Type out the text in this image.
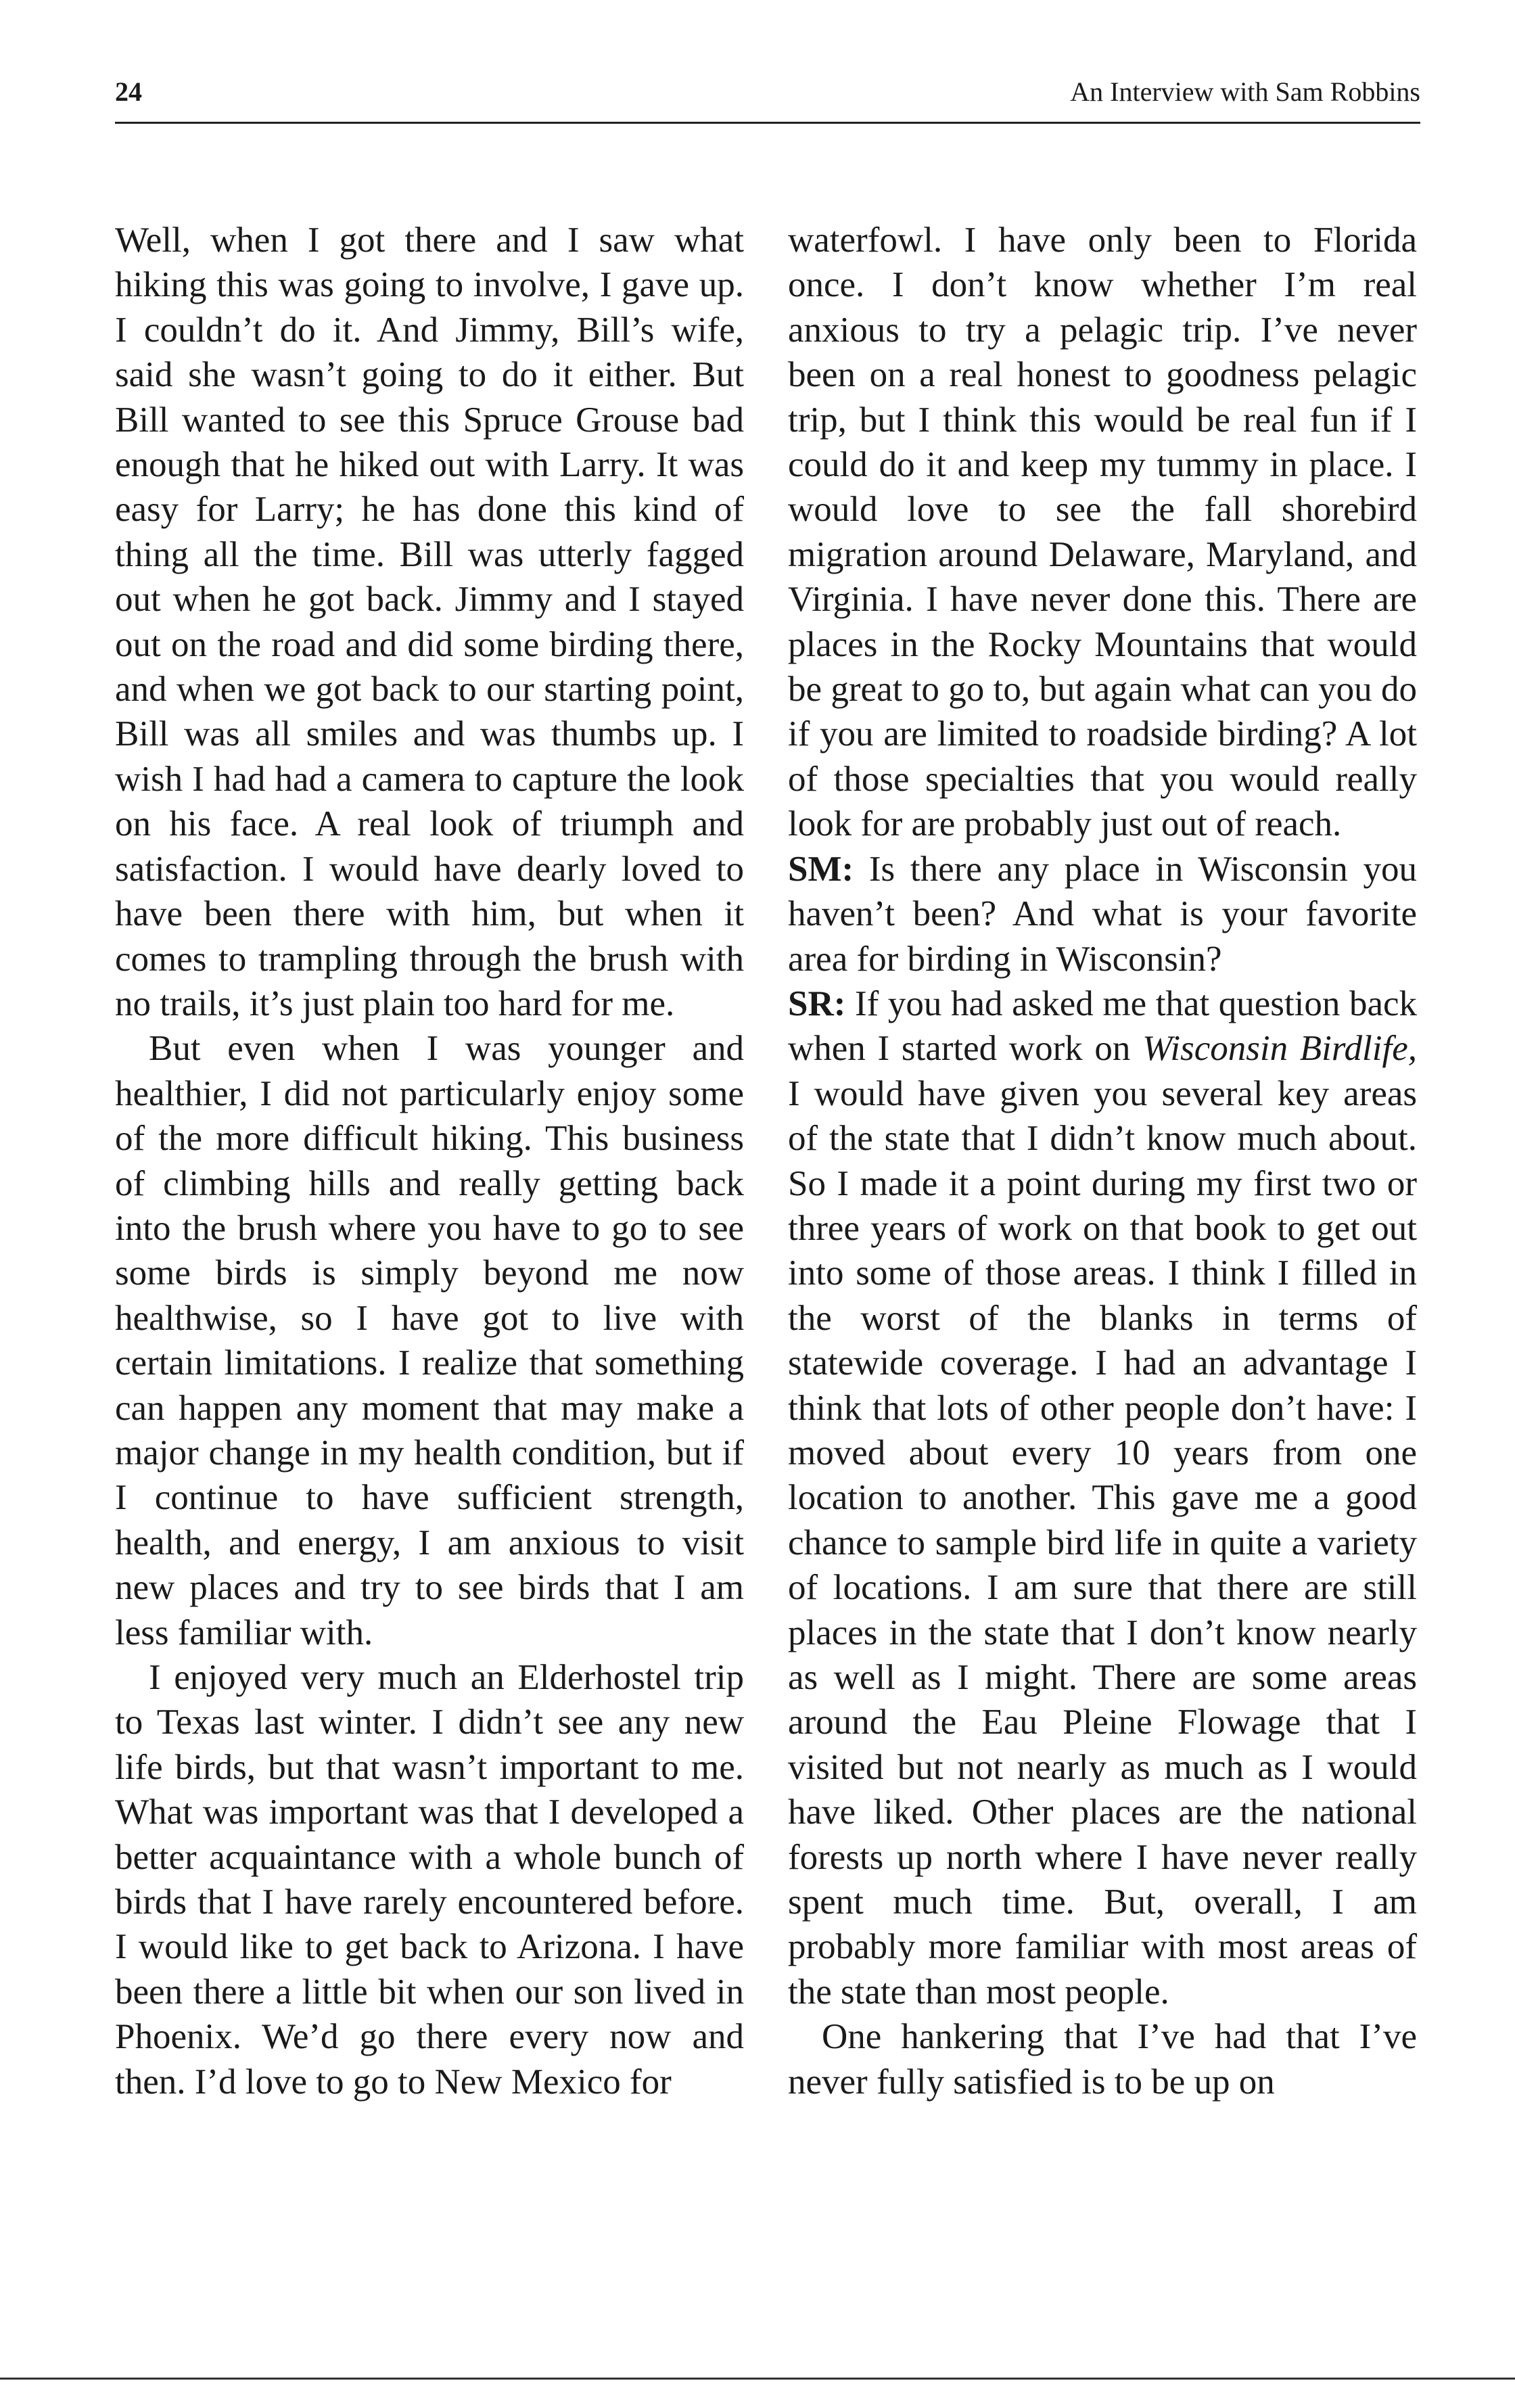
24	An Interview with Sam Robbins

Well, when I got there and I saw what hiking this was going to involve, I gave up. I couldn’t do it. And Jimmy, Bill’s wife, said she wasn’t going to do it either. But Bill wanted to see this Spruce Grouse bad enough that he hiked out with Larry. It was easy for Larry; he has done this kind of thing all the time. Bill was utterly fagged out when he got back. Jimmy and I stayed out on the road and did some birding there, and when we got back to our starting point, Bill was all smiles and was thumbs up. I wish I had had a camera to capture the look on his face. A real look of triumph and satisfaction. I would have dearly loved to have been there with him, but when it comes to trampling through the brush with no trails, it’s just plain too hard for me.

But even when I was younger and healthier, I did not particularly enjoy some of the more difficult hiking. This business of climbing hills and really getting back into the brush where you have to go to see some birds is simply beyond me now healthwise, so I have got to live with certain limitations. I realize that something can happen any moment that may make a major change in my health condition, but if I continue to have sufficient strength, health, and energy, I am anxious to visit new places and try to see birds that I am less familiar with.

I enjoyed very much an Elderhostel trip to Texas last winter. I didn’t see any new life birds, but that wasn’t important to me. What was important was that I developed a better acquaintance with a whole bunch of birds that I have rarely encountered before. I would like to get back to Arizona. I have been there a little bit when our son lived in Phoenix. We’d go there every now and then. I’d love to go to New Mexico for

waterfowl. I have only been to Florida once. I don’t know whether I’m real anxious to try a pelagic trip. I’ve never been on a real honest to goodness pelagic trip, but I think this would be real fun if I could do it and keep my tummy in place. I would love to see the fall shorebird migration around Delaware, Maryland, and Virginia. I have never done this. There are places in the Rocky Mountains that would be great to go to, but again what can you do if you are limited to roadside birding? A lot of those specialties that you would really look for are probably just out of reach.

SM: Is there any place in Wisconsin you haven’t been? And what is your favorite area for birding in Wisconsin?

SR: If you had asked me that question back when I started work on Wisconsin Birdlife, I would have given you several key areas of the state that I didn’t know much about. So I made it a point during my first two or three years of work on that book to get out into some of those areas. I think I filled in the worst of the blanks in terms of statewide coverage. I had an advantage I think that lots of other people don’t have: I moved about every 10 years from one location to another. This gave me a good chance to sample bird life in quite a variety of locations. I am sure that there are still places in the state that I don’t know nearly as well as I might. There are some areas around the Eau Pleine Flowage that I visited but not nearly as much as I would have liked. Other places are the national forests up north where I have never really spent much time. But, overall, I am probably more familiar with most areas of the state than most people.

One hankering that I’ve had that I’ve never fully satisfied is to be up on
